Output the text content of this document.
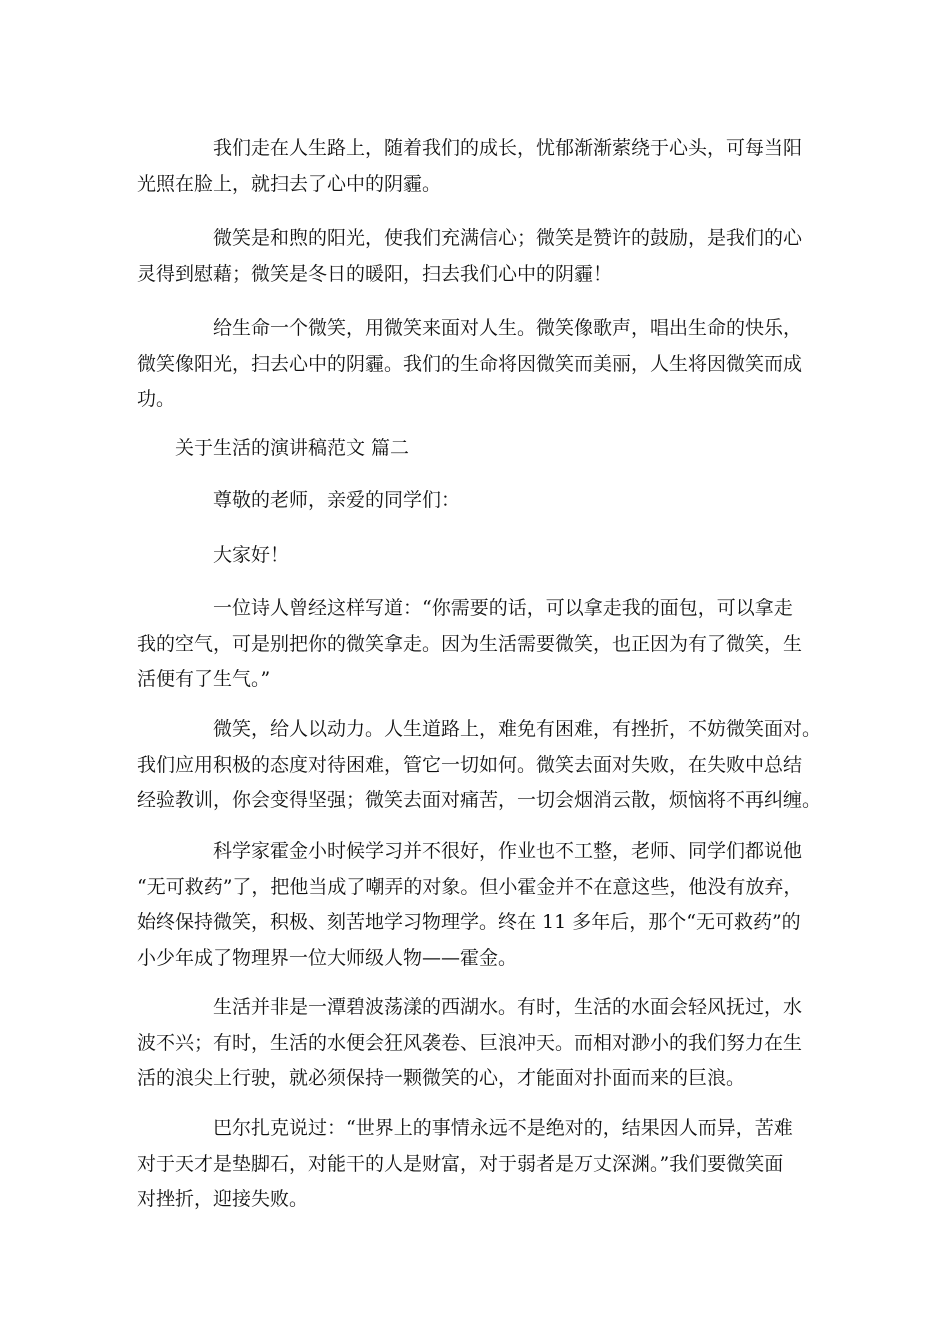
我们走在人生路上，随着我们的成长，忧郁渐渐萦绕于心头，可每当阳
光照在脸上，就扫去了心中的阴霾。

微笑是和煦的阳光，使我们充满信心；微笑是赞许的鼓励，是我们的心
灵得到慰藉；微笑是冬日的暖阳，扫去我们心中的阴霾！

给生命一个微笑，用微笑来面对人生。微笑像歌声，唱出生命的快乐，
微笑像阳光，扫去心中的阴霾。我们的生命将因微笑而美丽，人生将因微笑而成
功。

关于生活的演讲稿范文 篇二

尊敬的老师，亲爱的同学们：

大家好！

一位诗人曾经这样写道：“你需要的话，可以拿走我的面包，可以拿走
我的空气，可是别把你的微笑拿走。因为生活需要微笑，也正因为有了微笑，生
活便有了生气。”

微笑，给人以动力。人生道路上，难免有困难，有挫折，不妨微笑面对。
我们应用积极的态度对待困难，管它一切如何。微笑去面对失败，在失败中总结
经验教训，你会变得坚强；微笑去面对痛苦，一切会烟消云散，烦恼将不再纠缠。

科学家霍金小时候学习并不很好，作业也不工整，老师、同学们都说他
“无可救药”了，把他当成了嘲弄的对象。但小霍金并不在意这些，他没有放弃，
始终保持微笑，积极、刻苦地学习物理学。终在 11 多年后，那个“无可救药”的
小少年成了物理界一位大师级人物——霍金。

生活并非是一潭碧波荡漾的西湖水。有时，生活的水面会轻风抚过，水
波不兴；有时，生活的水便会狂风袭卷、巨浪冲天。而相对渺小的我们努力在生
活的浪尖上行驶，就必须保持一颗微笑的心，才能面对扑面而来的巨浪。

巴尔扎克说过：“世界上的事情永远不是绝对的，结果因人而异，苦难
对于天才是垫脚石，对能干的人是财富，对于弱者是万丈深渊。”我们要微笑面
对挫折，迎接失败。
